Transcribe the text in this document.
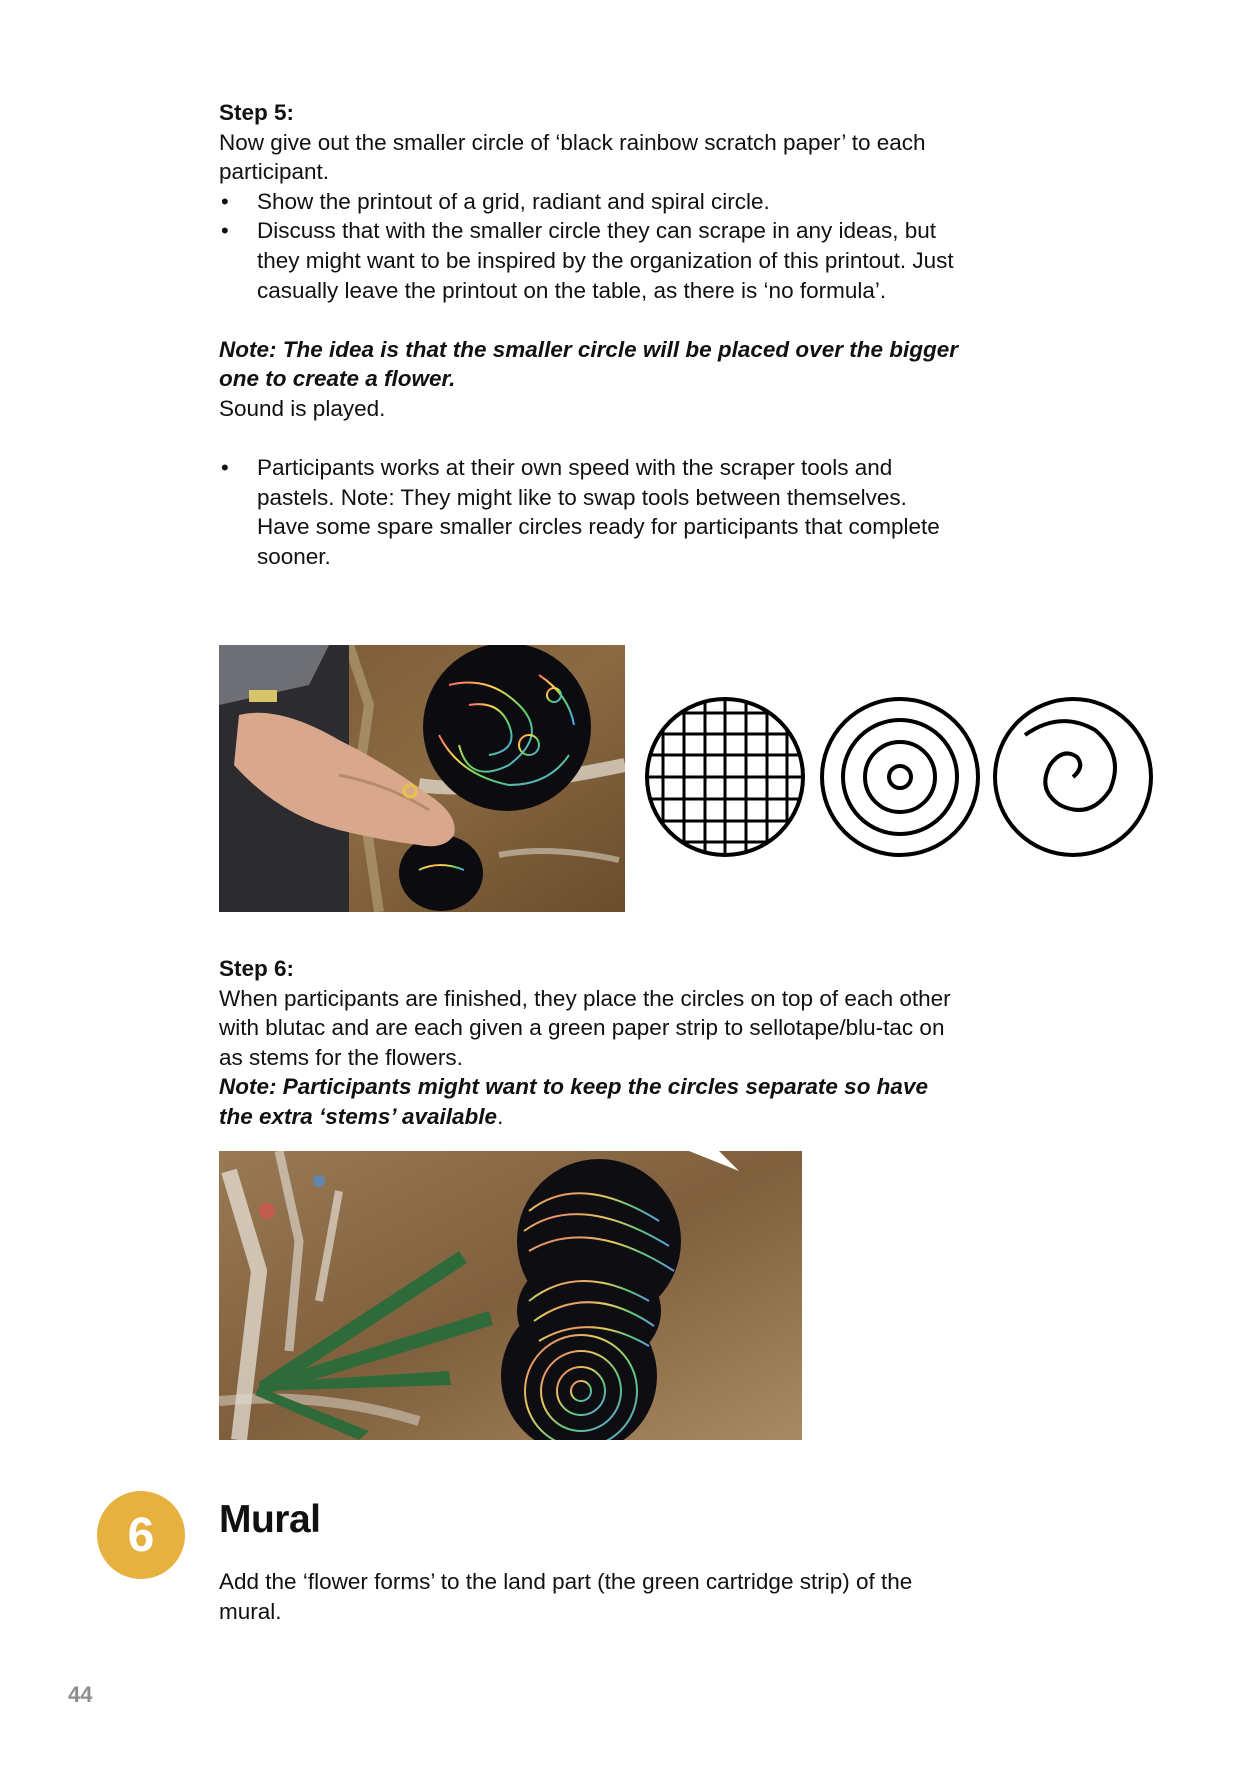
Step 5:
Now give out the smaller circle of ‘black rainbow scratch paper’ to each participant.
• Show the printout of a grid, radiant and spiral circle.
• Discuss that with the smaller circle they can scrape in any ideas, but they might want to be inspired by the organization of this printout. Just casually leave the printout on the table, as there is ‘no formula’.
Note: The idea is that the smaller circle will be placed over the bigger one to create a flower.
Sound is played.
• Participants works at their own speed with the scraper tools and pastels. Note: They might like to swap tools between themselves. Have some spare smaller circles ready for participants that complete sooner.
Step 6:
When participants are finished, they place the circles on top of each other with blutac and are each given a green paper strip to sellotape/blu-tac on as stems for the flowers.
Note: Participants might want to keep the circles separate so have the extra ‘stems’ available.
6	Mural
Add the ‘flower forms’ to the land part (the green cartridge strip) of the mural.
44
